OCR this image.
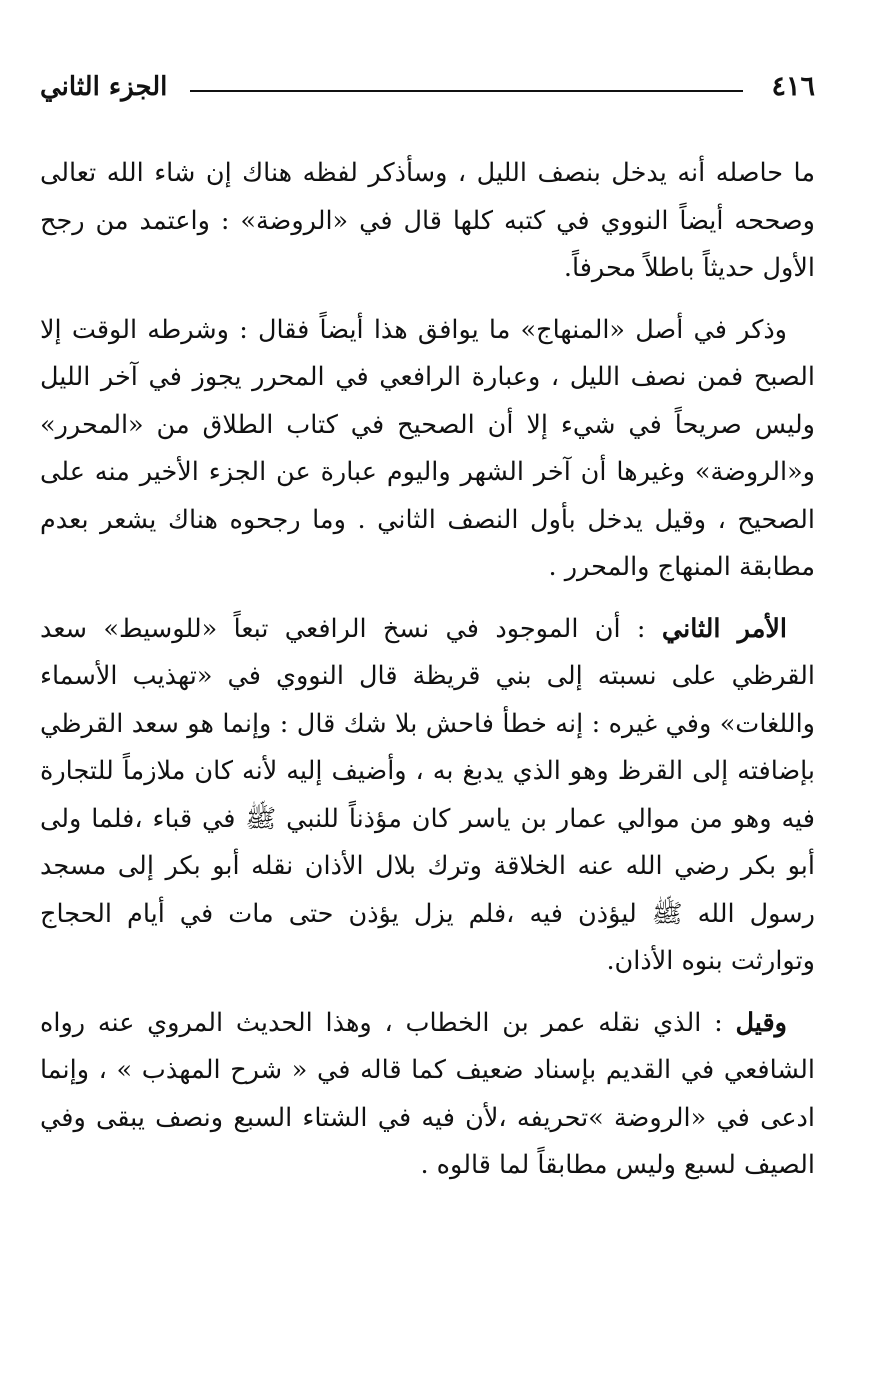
٤١٦
الجزء الثاني

ما حاصله أنه يدخل بنصف الليل ، وسأذكر لفظه هناك إن شاء الله تعالى وصححه أيضاً النووي في كتبه كلها قال في «الروضة» : واعتمد من رجح الأول حديثاً باطلاً محرفاً.

وذكر في أصل «المنهاج» ما يوافق هذا أيضاً فقال : وشرطه الوقت إلا الصبح فمن نصف الليل ، وعبارة الرافعي في المحرر يجوز في آخر الليل وليس صريحاً في شيء إلا أن الصحيح في كتاب الطلاق من «المحرر» و«الروضة» وغيرها أن آخر الشهر واليوم عبارة عن الجزء الأخير منه على الصحيح ، وقيل يدخل بأول النصف الثاني . وما رجحوه هناك يشعر بعدم مطابقة المنهاج والمحرر .

الأمر الثاني : أن الموجود في نسخ الرافعي تبعاً «للوسيط» سعد القرظي على نسبته إلى بني قريظة قال النووي في «تهذيب الأسماء واللغات» وفي غيره : إنه خطأ فاحش بلا شك قال : وإنما هو سعد القرظي بإضافته إلى القرظ وهو الذي يدبغ به ، وأضيف إليه لأنه كان ملازماً للتجارة فيه وهو من موالي عمار بن ياسر كان مؤذناً للنبي ﷺ في قباء ،فلما ولى أبو بكر رضي الله عنه الخلاقة وترك بلال الأذان نقله أبو بكر إلى مسجد رسول الله ﷺ ليؤذن فيه ،فلم يزل يؤذن حتى مات في أيام الحجاج وتوارثت بنوه الأذان.

وقيل : الذي نقله عمر بن الخطاب ، وهذا الحديث المروي عنه رواه الشافعي في القديم بإسناد ضعيف كما قاله في « شرح المهذب » ، وإنما ادعى في «الروضة »تحريفه ،لأن فيه في الشتاء السبع ونصف يبقى وفي الصيف لسبع وليس مطابقاً لما قالوه .
